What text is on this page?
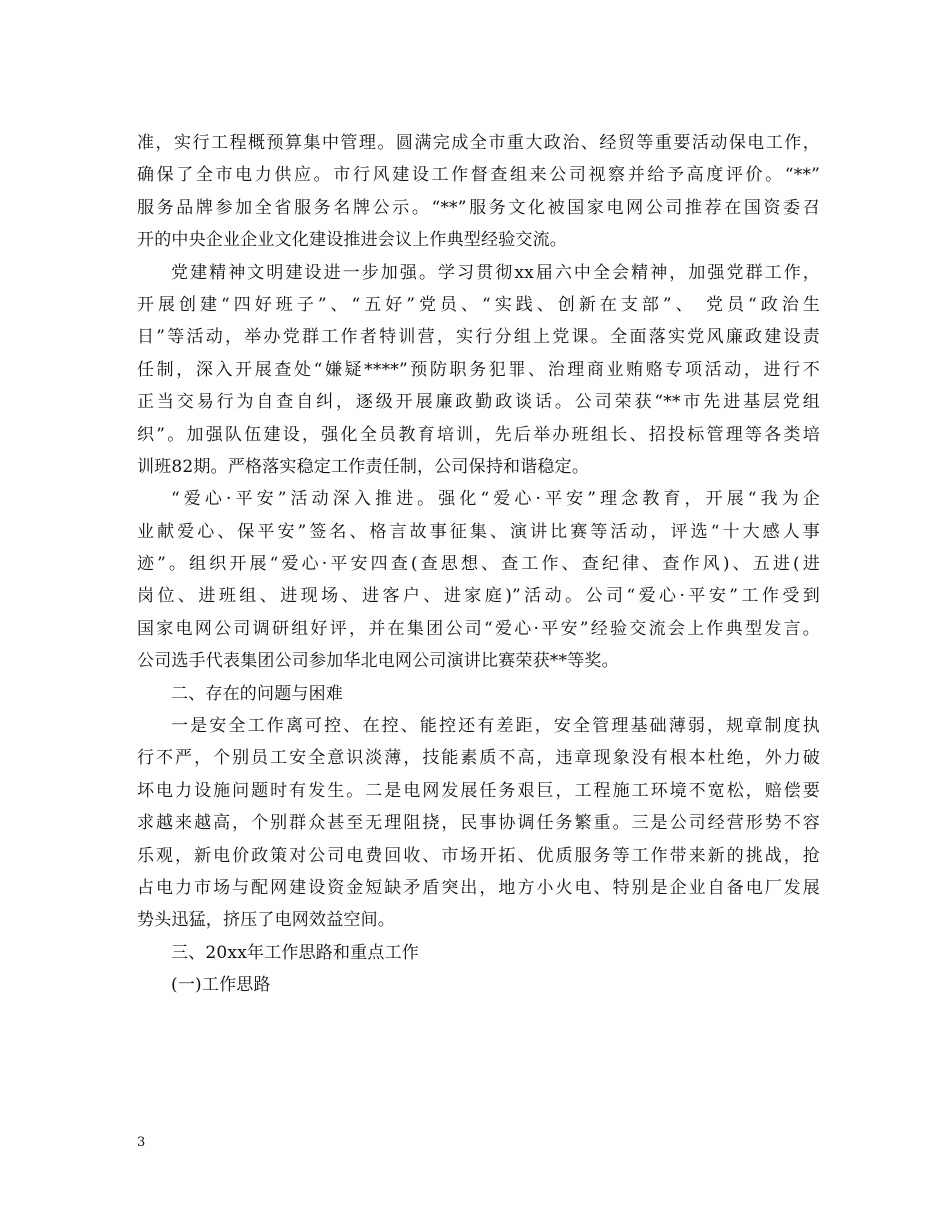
准，实行工程概预算集中管理。圆满完成全市重大政治、经贸等重要活动保电工作，
确保了全市电力供应。市行风建设工作督查组来公司视察并给予高度评价。“**”
服务品牌参加全省服务名牌公示。“**”服务文化被国家电网公司推荐在国资委召
开的中央企业企业文化建设推进会议上作典型经验交流。
党建精神文明建设进一步加强。学习贯彻xx届六中全会精神，加强党群工作，
开展创建“四好班子”、“五好”党员、“实践、创新在支部”、 党员“政治生
日”等活动，举办党群工作者特训营，实行分组上党课。全面落实党风廉政建设责
任制，深入开展查处“嫌疑****”预防职务犯罪、治理商业贿赂专项活动，进行不
正当交易行为自查自纠，逐级开展廉政勤政谈话。公司荣获“**市先进基层党组
织”。加强队伍建设，强化全员教育培训，先后举办班组长、招投标管理等各类培
训班82期。严格落实稳定工作责任制，公司保持和谐稳定。
“爱心·平安”活动深入推进。强化“爱心·平安”理念教育，开展“我为企
业献爱心、保平安”签名、格言故事征集、演讲比赛等活动，评选“十大感人事
迹”。组织开展“爱心·平安四查(查思想、查工作、查纪律、查作风)、五进(进
岗位、进班组、进现场、进客户、进家庭)”活动。公司“爱心·平安”工作受到
国家电网公司调研组好评，并在集团公司“爱心·平安”经验交流会上作典型发言。
公司选手代表集团公司参加华北电网公司演讲比赛荣获**等奖。
二、存在的问题与困难
一是安全工作离可控、在控、能控还有差距，安全管理基础薄弱，规章制度执
行不严，个别员工安全意识淡薄，技能素质不高，违章现象没有根本杜绝，外力破
坏电力设施问题时有发生。二是电网发展任务艰巨，工程施工环境不宽松，赔偿要
求越来越高，个别群众甚至无理阻挠，民事协调任务繁重。三是公司经营形势不容
乐观，新电价政策对公司电费回收、市场开拓、优质服务等工作带来新的挑战，抢
占电力市场与配网建设资金短缺矛盾突出，地方小火电、特别是企业自备电厂发展
势头迅猛，挤压了电网效益空间。
三、20xx年工作思路和重点工作
(一)工作思路
3
